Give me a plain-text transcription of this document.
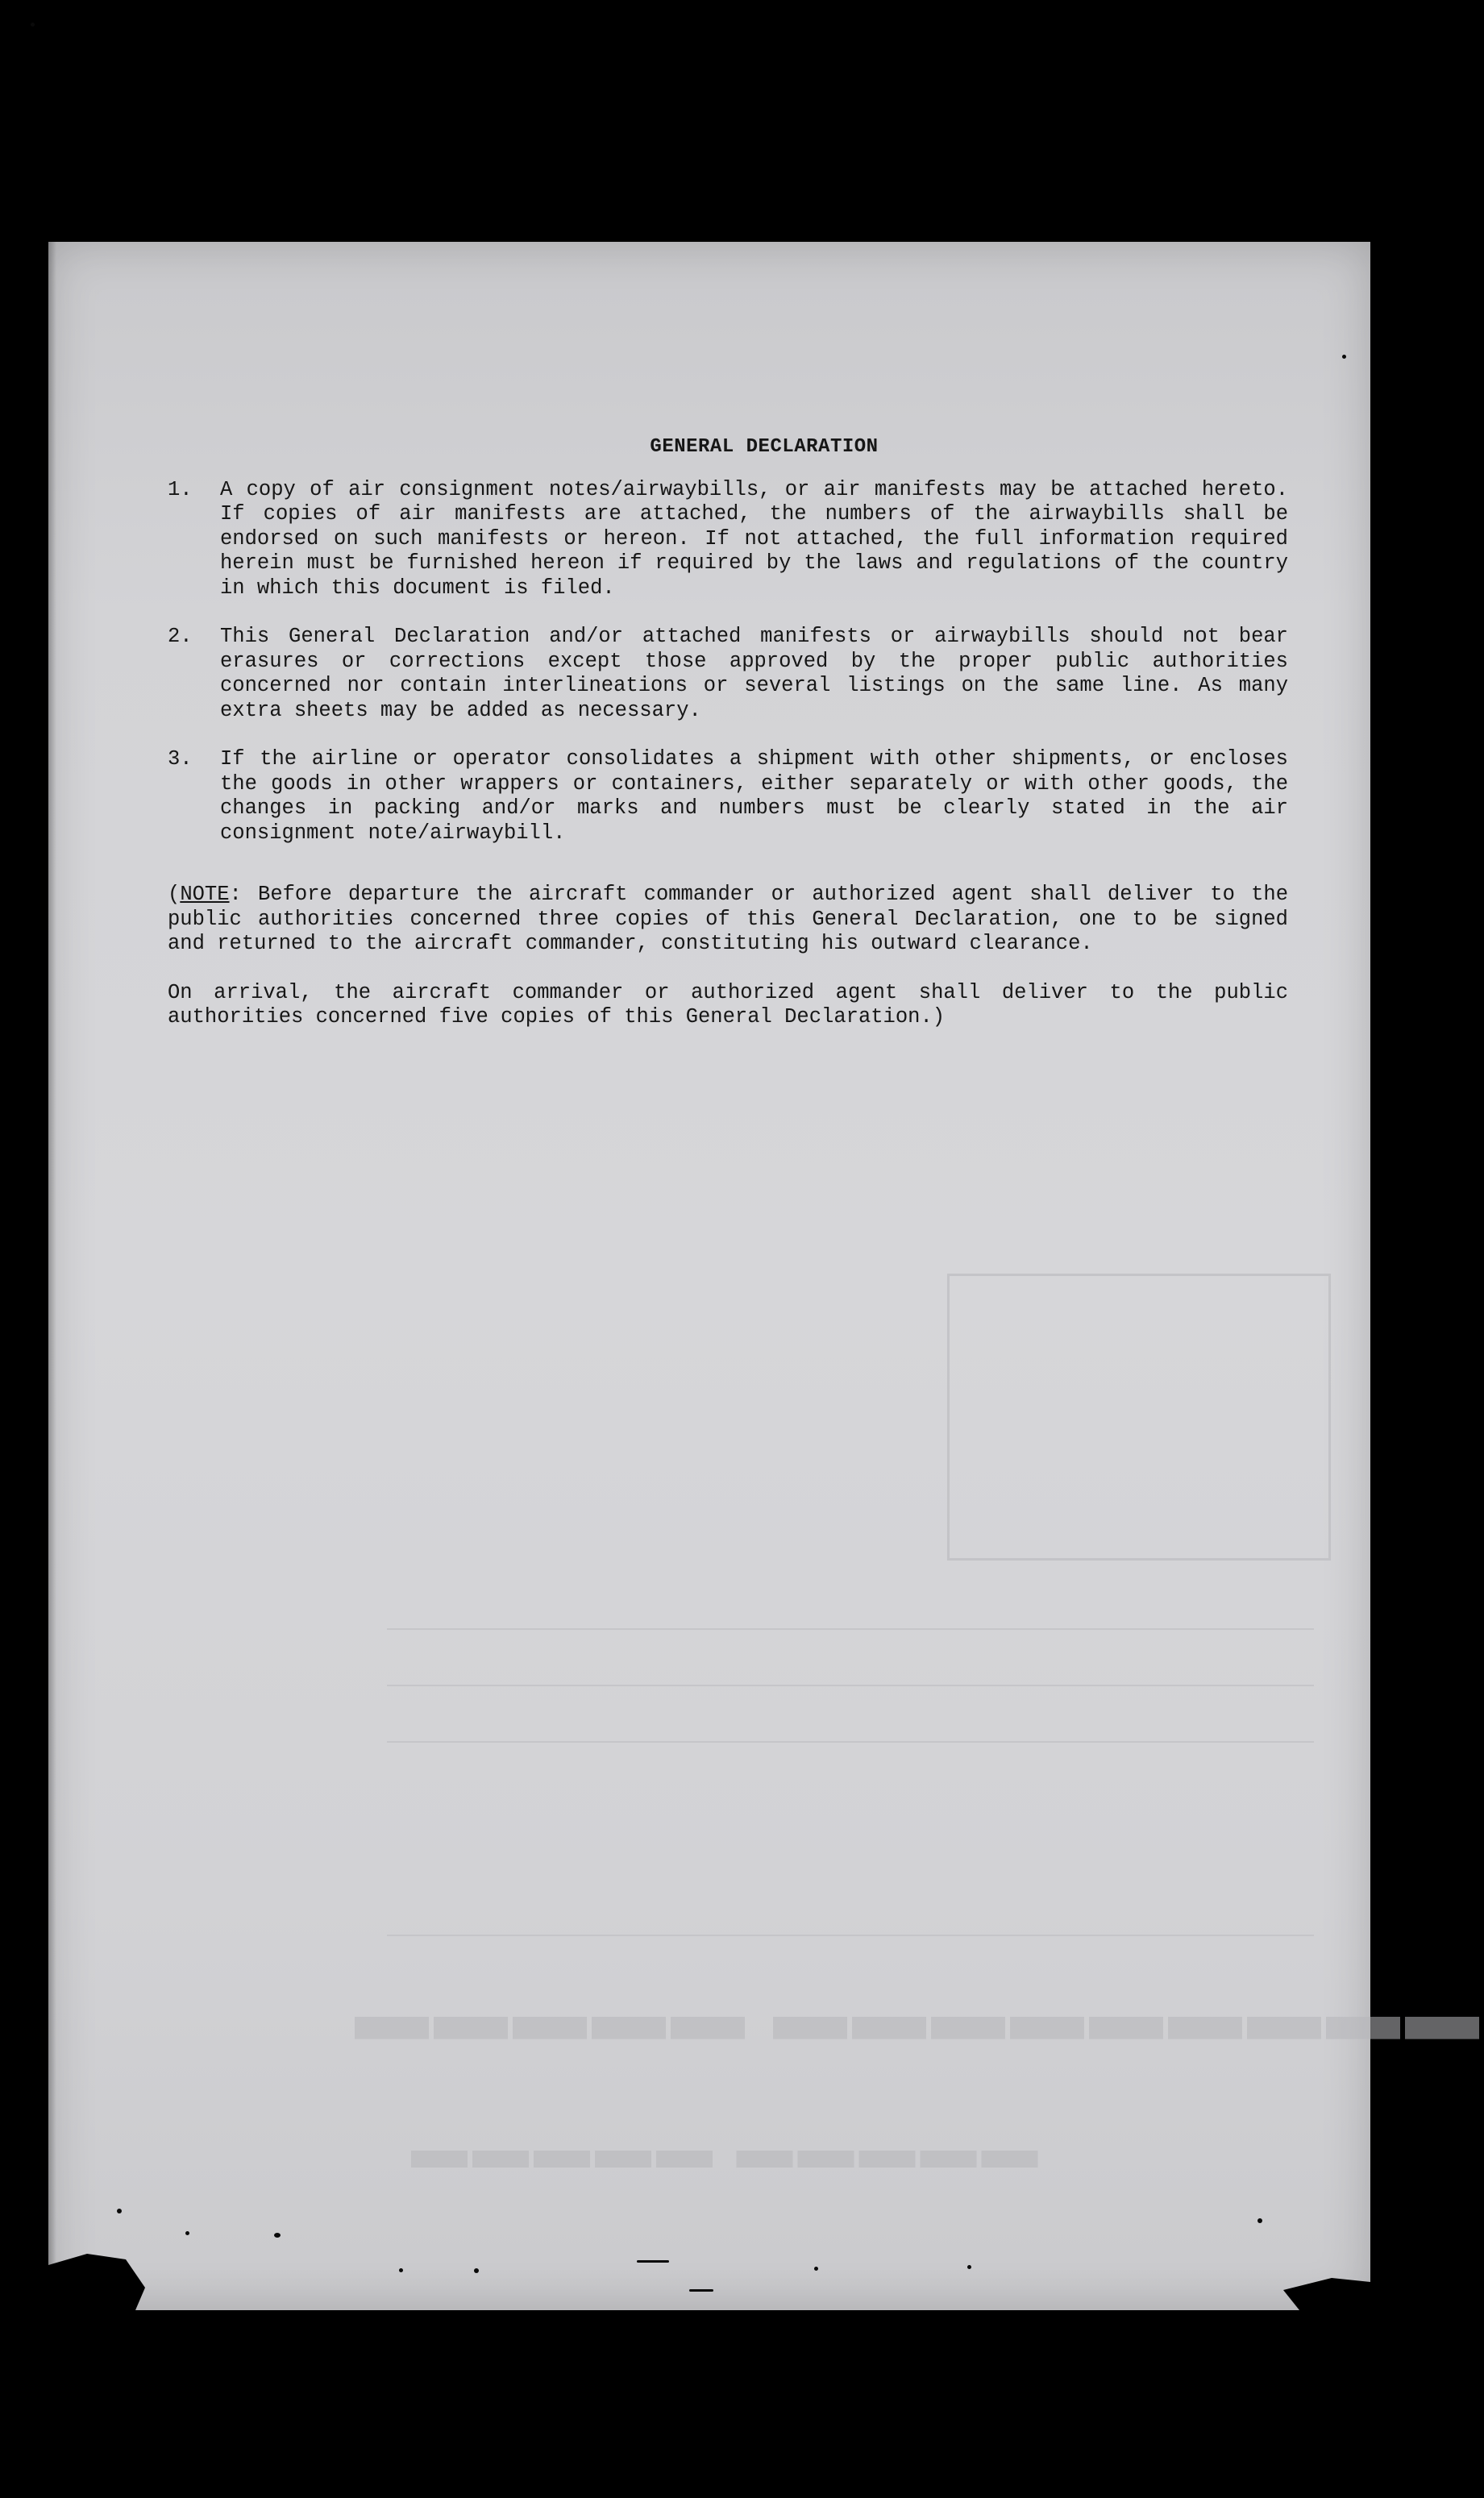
▬▬▬▬▬ ▬▬▬▬▬▬▬▬▬
▬▬▬▬▬ ▬▬▬▬▬
GENERAL DECLARATION
1.	A copy of air consignment notes/airwaybills, or air manifests may be attached hereto. If copies of air manifests are attached, the numbers of the airwaybills shall be endorsed on such manifests or hereon. If not attached, the full information required herein must be furnished hereon if required by the laws and regulations of the country in which this document is filed.
2.	This General Declaration and/or attached manifests or airwaybills should not bear erasures or corrections except those approved by the proper public authorities concerned nor contain interlineations or several listings on the same line. As many extra sheets may be added as necessary.
3.	If the airline or operator consolidates a shipment with other shipments, or encloses the goods in other wrappers or containers, either separately or with other goods, the changes in packing and/or marks and numbers must be clearly stated in the air consignment note/airwaybill.

(NOTE: Before departure the aircraft commander or authorized agent shall deliver to the public authorities concerned three copies of this General Declaration, one to be signed and returned to the aircraft commander, constituting his outward clearance.

On arrival, the aircraft commander or authorized agent shall deliver to the public authorities concerned five copies of this General Declaration.)
